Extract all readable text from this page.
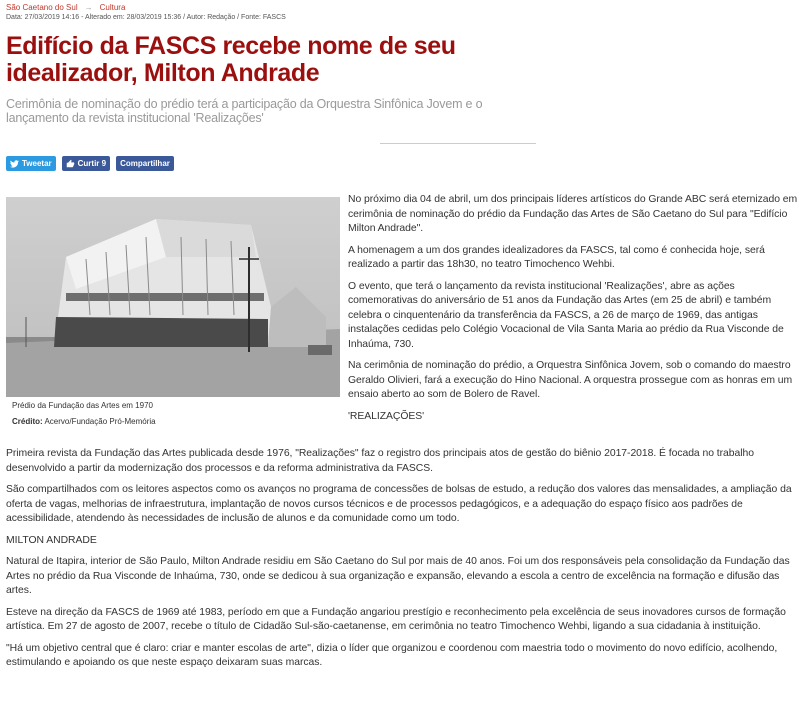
São Caetano do Sul → Cultura
Data: 27/03/2019 14:16 - Alterado em: 28/03/2019 15:36 / Autor: Redação / Fonte: FASCS
Edifício da FASCS recebe nome de seu idealizador, Milton Andrade

Cerimônia de nominação do prédio terá a participação da Orquestra Sinfônica Jovem e o lançamento da revista institucional 'Realizações'

Tweetar	Curtir 9 Compartilhar
Prédio da Fundação das Artes em 1970
Crédito: Acervo/Fundação Pró-Memória

No próximo dia 04 de abril, um dos principais líderes artísticos do Grande ABC será eternizado em cerimônia de nominação do prédio da Fundação das Artes de São Caetano do Sul para "Edifício Milton Andrade".

A homenagem a um dos grandes idealizadores da FASCS, tal como é conhecida hoje, será realizado a partir das 18h30, no teatro Timochenco Wehbi.

O evento, que terá o lançamento da revista institucional 'Realizações', abre as ações comemorativas do aniversário de 51 anos da Fundação das Artes (em 25 de abril) e também celebra o cinquentenário da transferência da FASCS, a 26 de março de 1969, das antigas instalações cedidas pelo Colégio Vocacional de Vila Santa Maria ao prédio da Rua Visconde de Inhaúma, 730.

Na cerimônia de nominação do prédio, a Orquestra Sinfônica Jovem, sob o comando do maestro Geraldo Olivieri, fará a execução do Hino Nacional. A orquestra prossegue com as honras em um ensaio aberto ao som de Bolero de Ravel.

'REALIZAÇÕES'

Primeira revista da Fundação das Artes publicada desde 1976, "Realizações" faz o registro dos principais atos de gestão do biênio 2017-2018. É focada no trabalho desenvolvido a partir da modernização dos processos e da reforma administrativa da FASCS.

São compartilhados com os leitores aspectos como os avanços no programa de concessões de bolsas de estudo, a redução dos valores das mensalidades, a ampliação da oferta de vagas, melhorias de infraestrutura, implantação de novos cursos técnicos e de processos pedagógicos, e a adequação do espaço físico aos padrões de acessibilidade, atendendo às necessidades de inclusão de alunos e da comunidade como um todo.

MILTON ANDRADE

Natural de Itapira, interior de São Paulo, Milton Andrade residiu em São Caetano do Sul por mais de 40 anos. Foi um dos responsáveis pela consolidação da Fundação das Artes no prédio da Rua Visconde de Inhaúma, 730, onde se dedicou à sua organização e expansão, elevando a escola a centro de excelência na formação e difusão das artes.

Esteve na direção da FASCS de 1969 até 1983, período em que a Fundação angariou prestígio e reconhecimento pela excelência de seus inovadores cursos de formação artística. Em 27 de agosto de 2007, recebe o título de Cidadão Sul-são-caetanense, em cerimônia no teatro Timochenco Wehbi, ligando a sua cidadania à instituição.

"Há um objetivo central que é claro: criar e manter escolas de arte", dizia o líder que organizou e coordenou com maestria todo o movimento do novo edifício, acolhendo, estimulando e apoiando os que neste espaço deixaram suas marcas.
